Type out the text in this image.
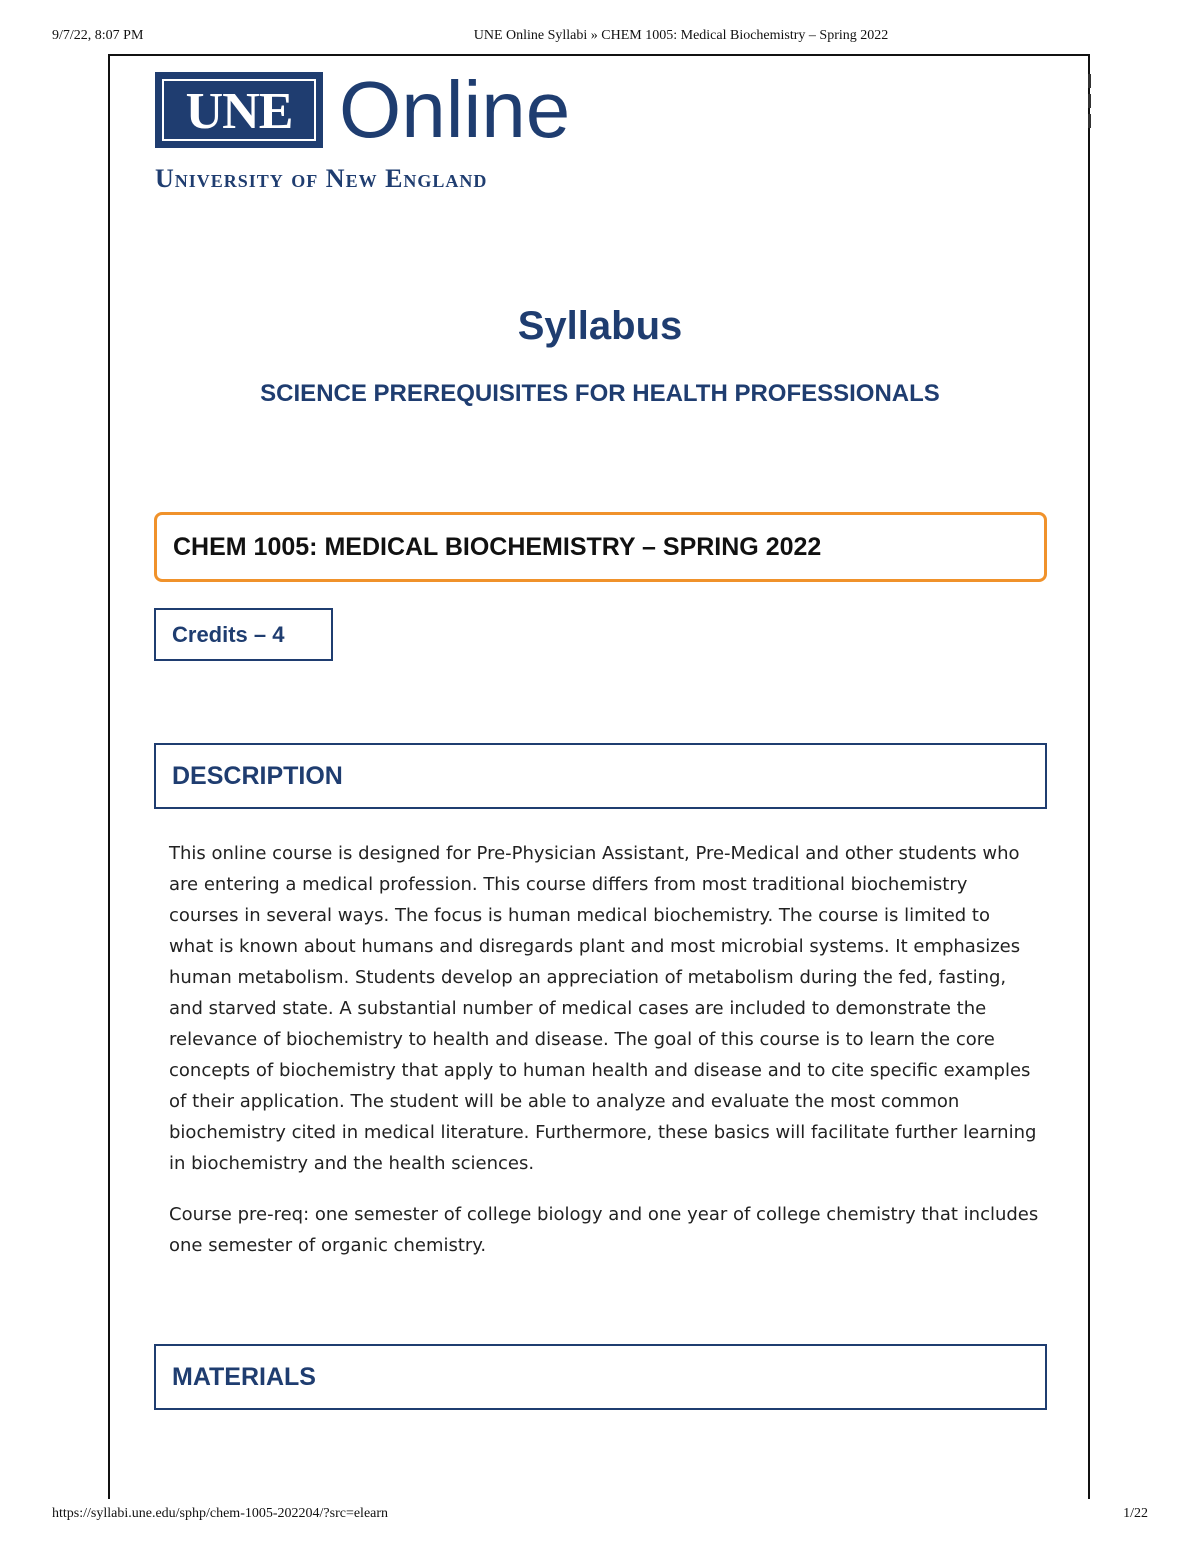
9/7/22, 8:07 PM	UNE Online Syllabi » CHEM 1005: Medical Biochemistry – Spring 2022
UNE Online
University of New England
Syllabus
SCIENCE PREREQUISITES FOR HEALTH PROFESSIONALS
CHEM 1005: MEDICAL BIOCHEMISTRY – SPRING 2022
Credits – 4
DESCRIPTION

This online course is designed for Pre-Physician Assistant, Pre-Medical and other students who are entering a medical profession. This course differs from most traditional biochemistry courses in several ways. The focus is human medical biochemistry. The course is limited to what is known about humans and disregards plant and most microbial systems. It emphasizes human metabolism. Students develop an appreciation of metabolism during the fed, fasting, and starved state. A substantial number of medical cases are included to demonstrate the relevance of biochemistry to health and disease. The goal of this course is to learn the core concepts of biochemistry that apply to human health and disease and to cite specific examples of their application. The student will be able to analyze and evaluate the most common biochemistry cited in medical literature. Furthermore, these basics will facilitate further learning in biochemistry and the health sciences.

Course pre-req: one semester of college biology and one year of college chemistry that includes one semester of organic chemistry.

MATERIALS
https://syllabi.une.edu/sphp/chem-1005-202204/?src=elearn	1/22
